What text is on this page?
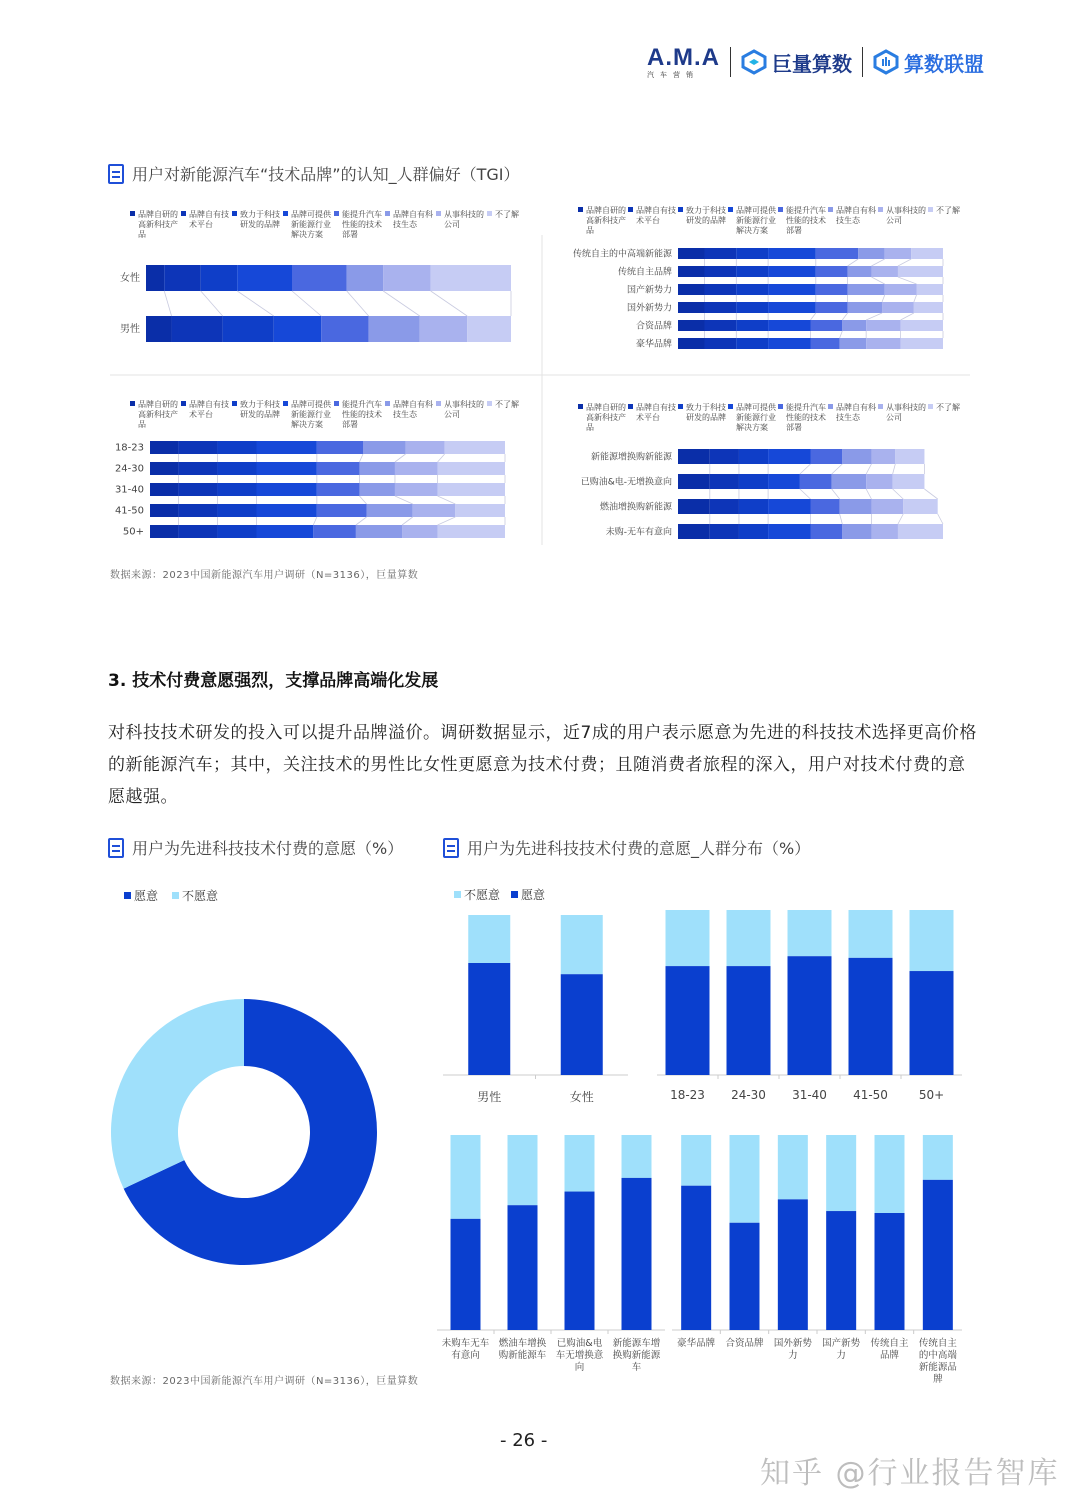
A.M.A
汽车营销	巨量算数	算数联盟
用户对新能源汽车“技术品牌”的认知_人群偏好（TGI）
品牌自研的
高新科技产
品
品牌自有技
术平台
致力于科技
研发的品牌
品牌可提供
新能源行业
解决方案
能提升汽车
性能的技术
部署
品牌自有科
技生态
从事科技的
公司
不了解
女性
男性
品牌自研的
高新科技产
品
品牌自有技
术平台
致力于科技
研发的品牌
品牌可提供
新能源行业
解决方案
能提升汽车
性能的技术
部署
品牌自有科
技生态
从事科技的
公司
不了解
传统自主的中高端新能源
传统自主品牌
国产新势力
国外新势力
合资品牌
豪华品牌
品牌自研的
高新科技产
品
品牌自有技
术平台
致力于科技
研发的品牌
品牌可提供
新能源行业
解决方案
能提升汽车
性能的技术
部署
品牌自有科
技生态
从事科技的
公司
不了解
18-23
24-30
31-40
41-50
50+
品牌自研的
高新科技产
品
品牌自有技
术平台
致力于科技
研发的品牌
品牌可提供
新能源行业
解决方案
能提升汽车
性能的技术
部署
品牌自有科
技生态
从事科技的
公司
不了解
新能源增换购新能源
已购油&电-无增换意向
燃油增换购新能源
未购-无车有意向
数据来源：2023中国新能源汽车用户调研（N=3136），巨量算数
3. 技术付费意愿强烈，支撑品牌高端化发展
对科技技术研发的投入可以提升品牌溢价。调研数据显示，近7成的用户表示愿意为先进的科技技术选择更高价格的新能源汽车；其中，关注技术的男性比女性更愿意为技术付费；且随消费者旅程的深入，用户对技术付费的意愿越强。
用户为先进科技技术付费的意愿（%）	用户为先进科技技术付费的意愿_人群分布（%）
愿意 不愿意	不愿意 愿意
男性	女性	18-23 24-30 31-40 41-50	50+
未购车无车
有意向
燃油车增换
购新能源车
已购油&电
车无增换意
向
新能源车增
换购新能源
车
豪华品牌 合资品牌 国外新势
力
国产新势
力
传统自主
品牌
传统自主
的中高端
新能源品
牌
数据来源：2023中国新能源汽车用户调研（N=3136），巨量算数
- 26 -
知乎 @行业报告智库
